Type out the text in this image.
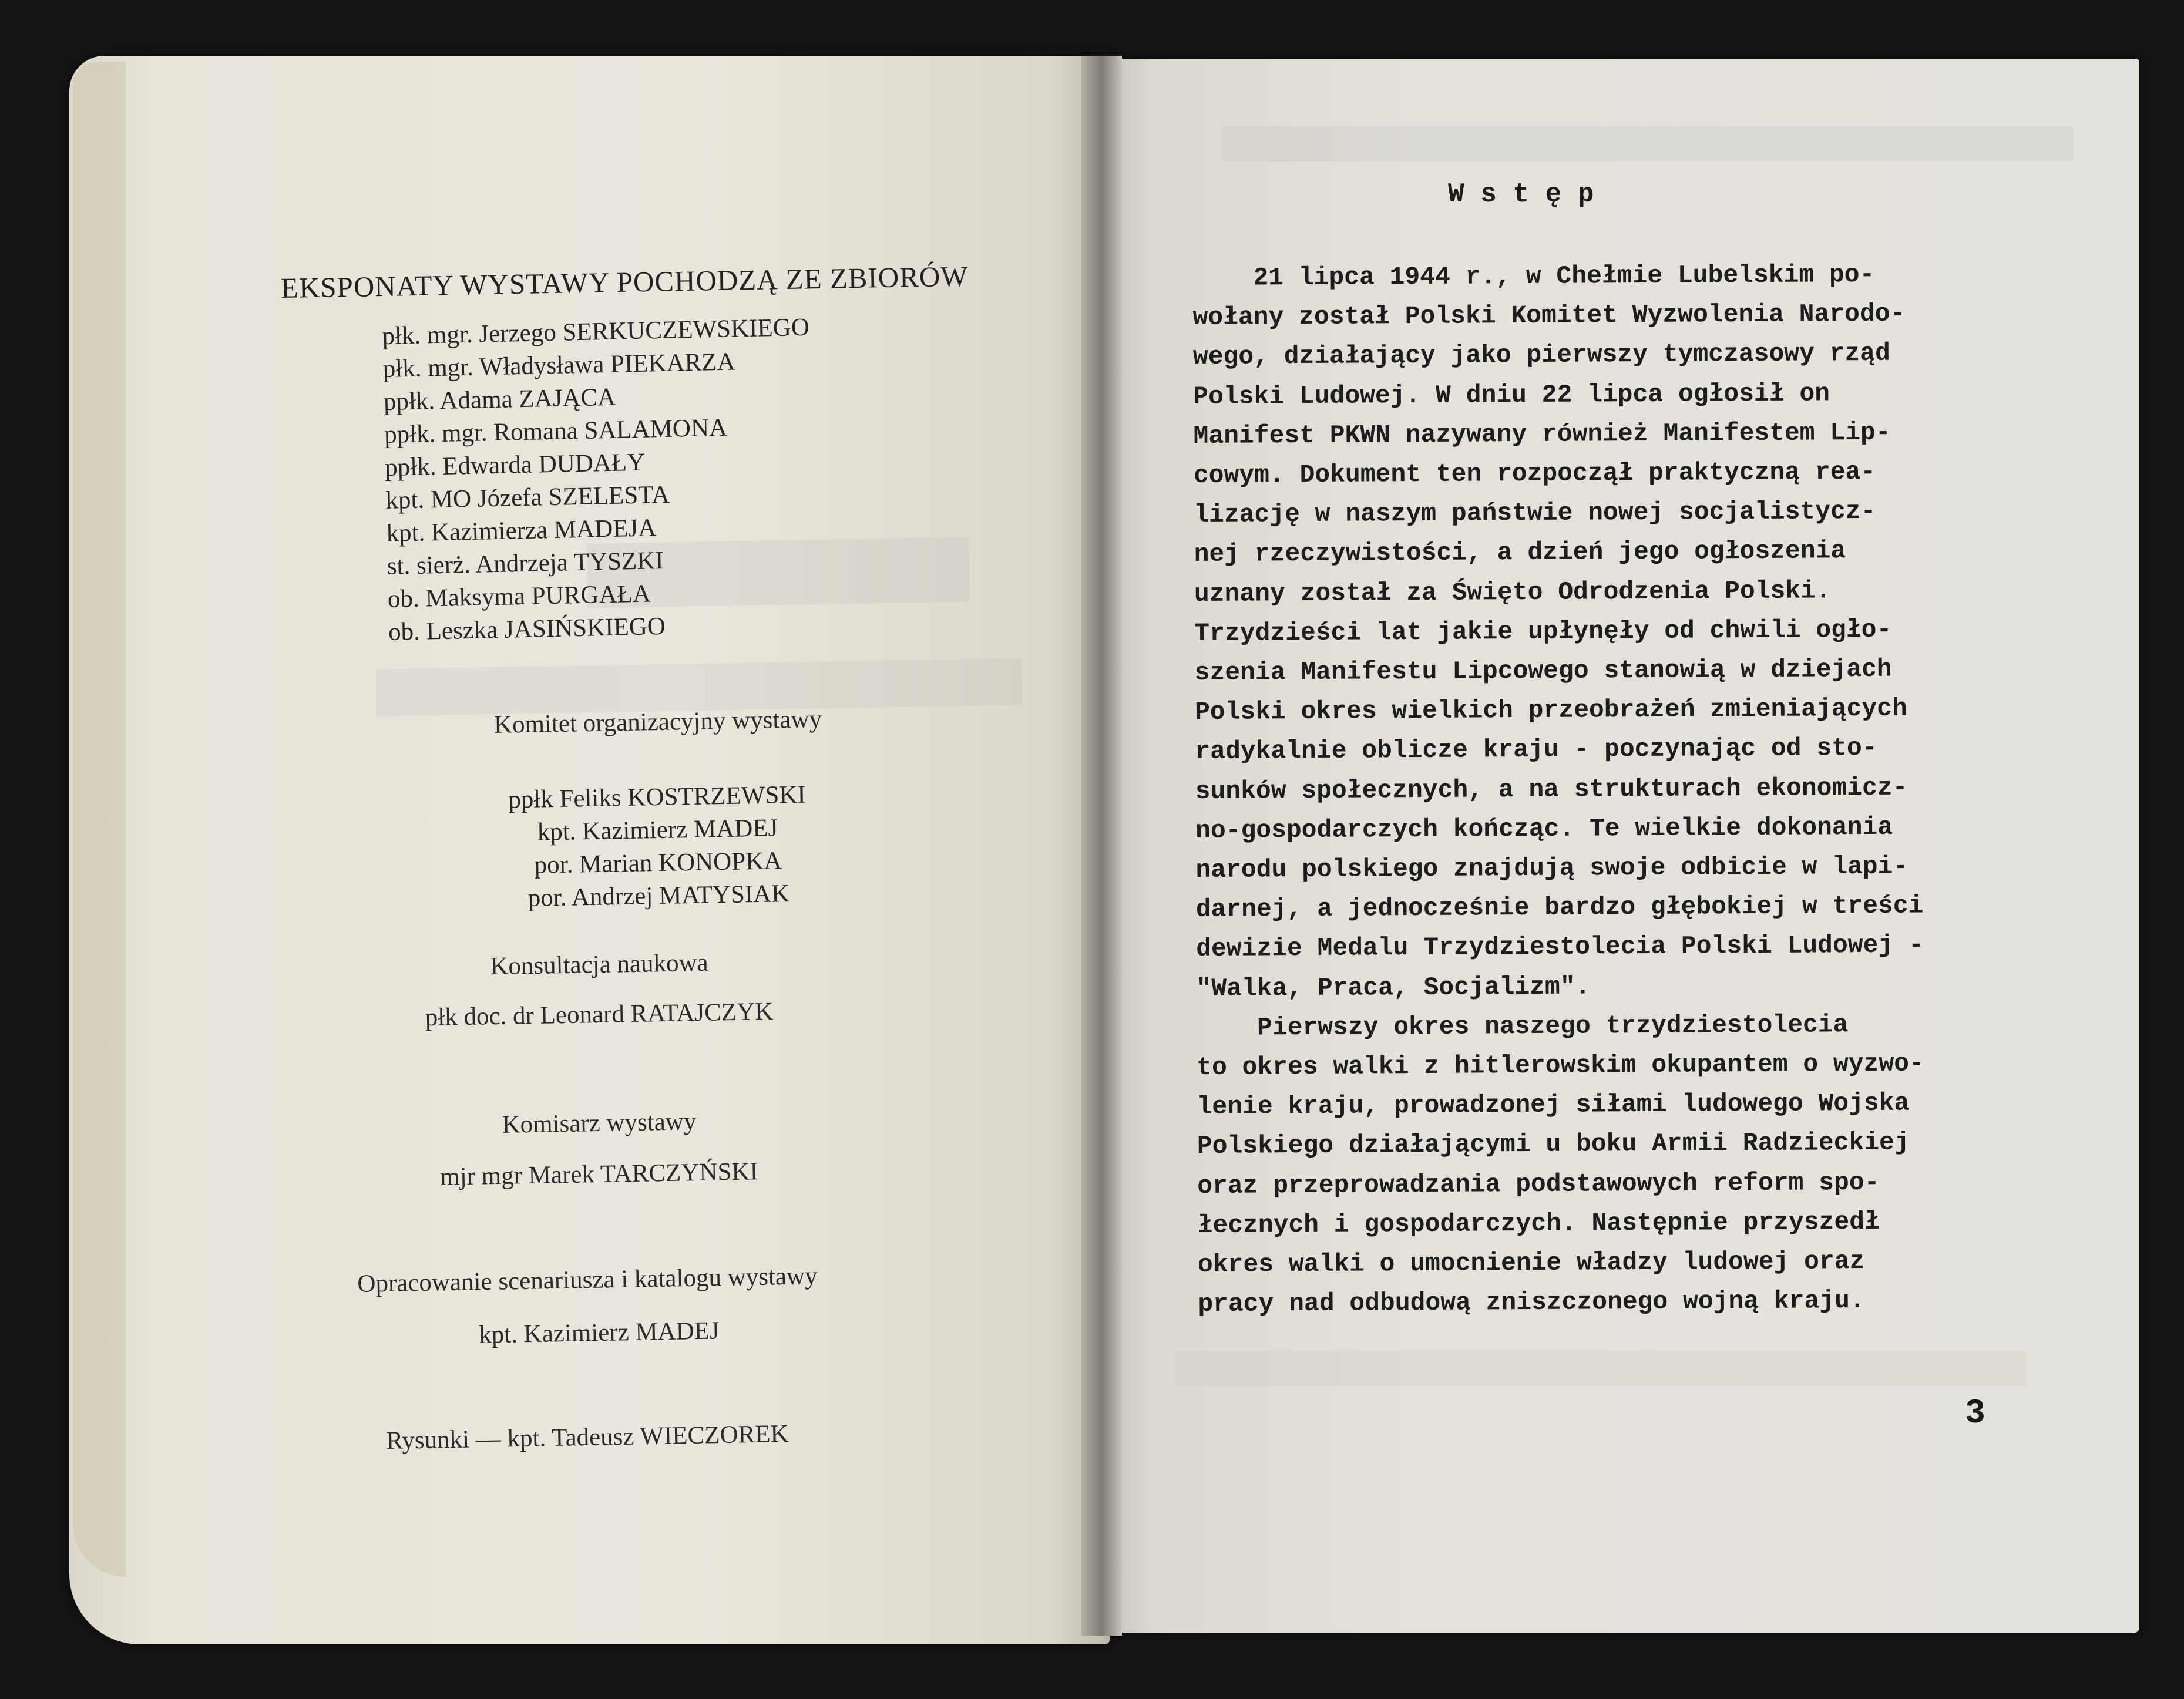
EKSPONATY WYSTAWY POCHODZĄ ZE ZBIORÓW
płk. mgr. Jerzego SERKUCZEWSKIEGO
płk. mgr. Władysława PIEKARZA
ppłk. Adama ZAJĄCA
ppłk. mgr. Romana SALAMONA
ppłk. Edwarda DUDAŁY
kpt. MO Józefa SZELESTA
kpt. Kazimierza MADEJA
st. sierż. Andrzeja TYSZKI
ob. Maksyma PURGAŁA
ob. Leszka JASIŃSKIEGO
Komitet organizacyjny wystawy
ppłk Feliks KOSTRZEWSKI
kpt. Kazimierz MADEJ
por. Marian KONOPKA
por. Andrzej MATYSIAK
Konsultacja naukowa
płk doc. dr Leonard RATAJCZYK
Komisarz wystawy
mjr mgr Marek TARCZYŃSKI
Opracowanie scenariusza i katalogu wystawy
kpt. Kazimierz MADEJ
Rysunki — kpt. Tadeusz WIECZOREK
W s t ę p
21 lipca 1944 r., w Chełmie Lubelskim po-
wołany został Polski Komitet Wyzwolenia Narodo-
wego, działający jako pierwszy tymczasowy rząd
Polski Ludowej. W dniu 22 lipca ogłosił on
Manifest PKWN nazywany również Manifestem Lip-
cowym. Dokument ten rozpoczął praktyczną rea-
lizację w naszym państwie nowej socjalistycz-
nej rzeczywistości, a dzień jego ogłoszenia
uznany został za Święto Odrodzenia Polski.
Trzydzieści lat jakie upłynęły od chwili ogło-
szenia Manifestu Lipcowego stanowią w dziejach
Polski okres wielkich przeobrażeń zmieniających
radykalnie oblicze kraju - poczynając od sto-
sunków społecznych, a na strukturach ekonomicz-
no-gospodarczych kończąc. Te wielkie dokonania
narodu polskiego znajdują swoje odbicie w lapi-
darnej, a jednocześnie bardzo głębokiej w treści
dewizie Medalu Trzydziestolecia Polski Ludowej -
"Walka, Praca, Socjalizm".
Pierwszy okres naszego trzydziestolecia
to okres walki z hitlerowskim okupantem o wyzwo-
lenie kraju, prowadzonej siłami ludowego Wojska
Polskiego działającymi u boku Armii Radzieckiej
oraz przeprowadzania podstawowych reform spo-
łecznych i gospodarczych. Następnie przyszedł
okres walki o umocnienie władzy ludowej oraz
pracy nad odbudową zniszczonego wojną kraju.
3
